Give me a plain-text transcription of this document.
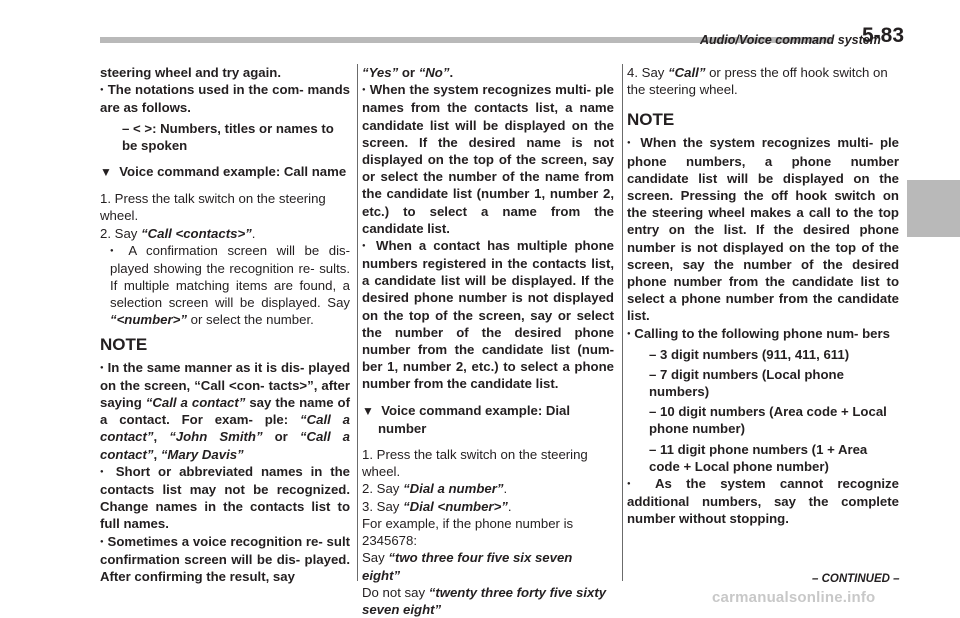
Audio/Voice command system
5-83

steering wheel and try again.

● The notations used in the com- mands are as follows.

– < >: Numbers, titles or names to be spoken

▼ Voice command example: Call name

1. Press the talk switch on the steering wheel.

2. Say “Call <contacts>”.

● A confirmation screen will be dis- played showing the recognition re- sults. If multiple matching items are found, a selection screen will be displayed. Say “<number>” or select the number.

NOTE

● In the same manner as it is dis- played on the screen, “Call <con- tacts>”, after saying “Call a contact” say the name of a contact. For exam- ple: “Call a contact”, “John Smith” or “Call a contact”, “Mary Davis”

● Short or abbreviated names in the contacts list may not be recognized. Change names in the contacts list to full names.

● Sometimes a voice recognition re- sult confirmation screen will be dis- played. After confirming the result, say

“Yes” or “No”.

● When the system recognizes multi- ple names from the contacts list, a name candidate list will be displayed on the screen. If the desired name is not displayed on the top of the screen, say or select the number of the name from the candidate list (number 1, number 2, etc.) to select a name from the candidate list.

● When a contact has multiple phone numbers registered in the contacts list, a candidate list will be displayed. If the desired phone number is not displayed on the top of the screen, say or select the number of the desired phone number from the candidate list (num- ber 1, number 2, etc.) to select a phone number from the candidate list.

▼ Voice command example: Dial number

1. Press the talk switch on the steering wheel.

2. Say “Dial a number”.

3. Say “Dial <number>”.

For example, if the phone number is 2345678:

Say “two three four five six seven eight”

Do not say “twenty three forty five sixty seven eight”

4. Say “Call” or press the off hook switch on the steering wheel.

NOTE

● When the system recognizes multi- ple phone numbers, a phone number candidate list will be displayed on the screen. Pressing the off hook switch on the steering wheel makes a call to the top entry on the list. If the desired phone number is not displayed on the top of the screen, say the number of the desired phone number from the candidate list to select a phone number from the candidate list.

● Calling to the following phone num- bers

– 3 digit numbers (911, 411, 611)

– 7 digit numbers (Local phone numbers)

– 10 digit numbers (Area code + Local phone number)

– 11 digit phone numbers (1 + Area code + Local phone number)

● As the system cannot recognize additional numbers, say the complete number without stopping.

– CONTINUED –
carmanualsonline.info
